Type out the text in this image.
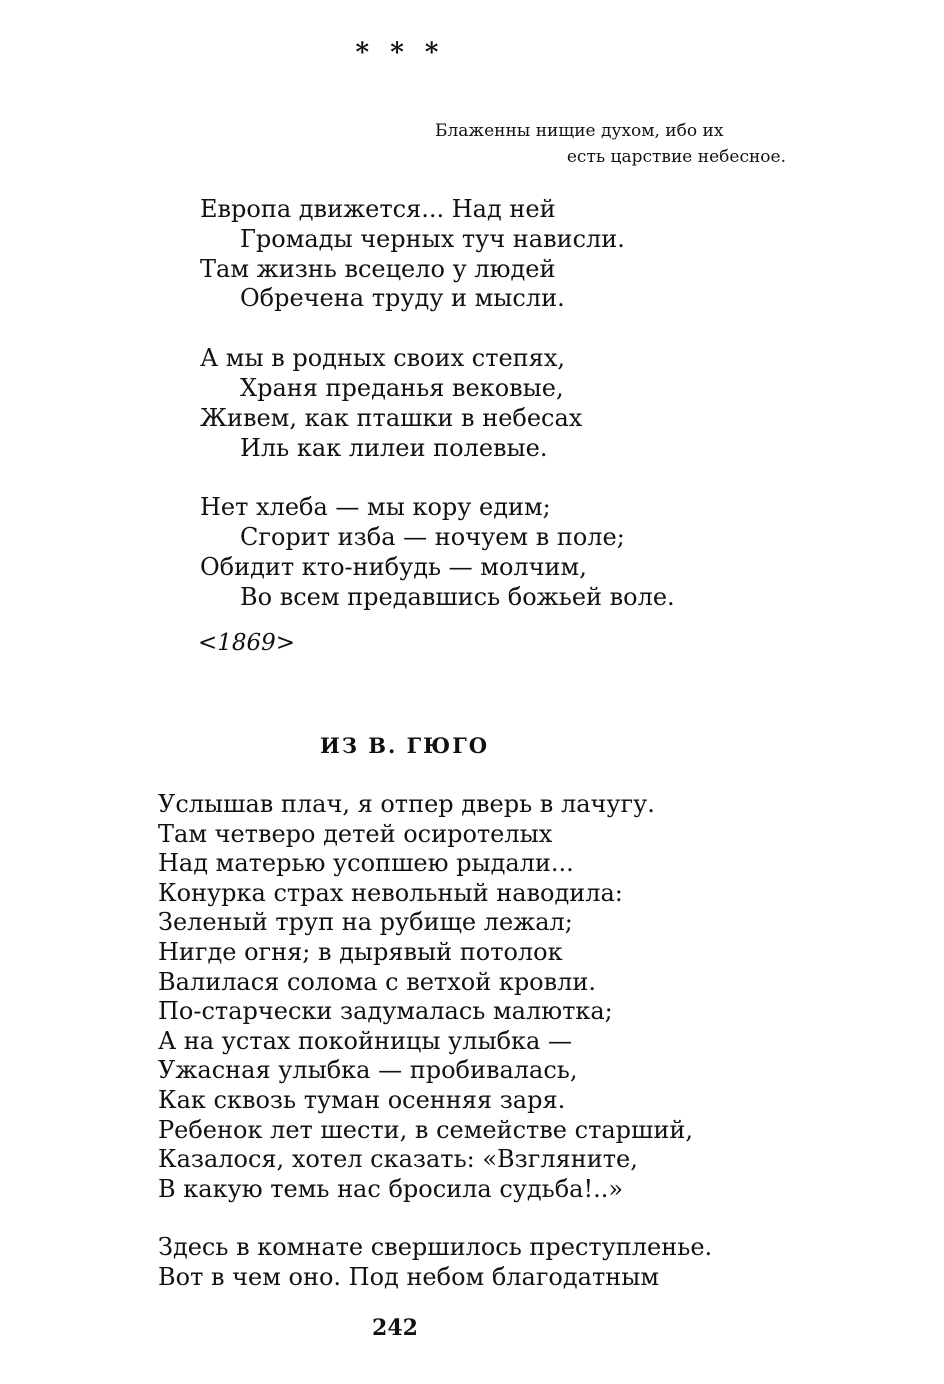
* * *
Блаженны нищие духом, ибо их
есть царствие небесное.
Европа движется... Над ней
Громады черных туч нависли.
Там жизнь всецело у людей
Обречена труду и мысли.
А мы в родных своих степях,
Храня преданья вековые,
Живем, как пташки в небесах
Иль как лилеи полевые.
Нет хлеба — мы кору едим;
Сгорит изба — ночуем в поле;
Обидит кто-нибудь — молчим,
Во всем предавшись божьей воле.
<1869>
ИЗ В. ГЮГО
Услышав плач, я отпер дверь в лачугу.
Там четверо детей осиротелых
Над матерью усопшею рыдали...
Конурка страх невольный наводила:
Зеленый труп на рубище лежал;
Нигде огня; в дырявый потолок
Валилася солома с ветхой кровли.
По-старчески задумалась малютка;
А на устах покойницы улыбка —
Ужасная улыбка — пробивалась,
Как сквозь туман осенняя заря.
Ребенок лет шести, в семействе старший,
Казалося, хотел сказать: «Взгляните,
В какую темь нас бросила судьба!..»
Здесь в комнате свершилось преступленье.
Вот в чем оно. Под небом благодатным
242
